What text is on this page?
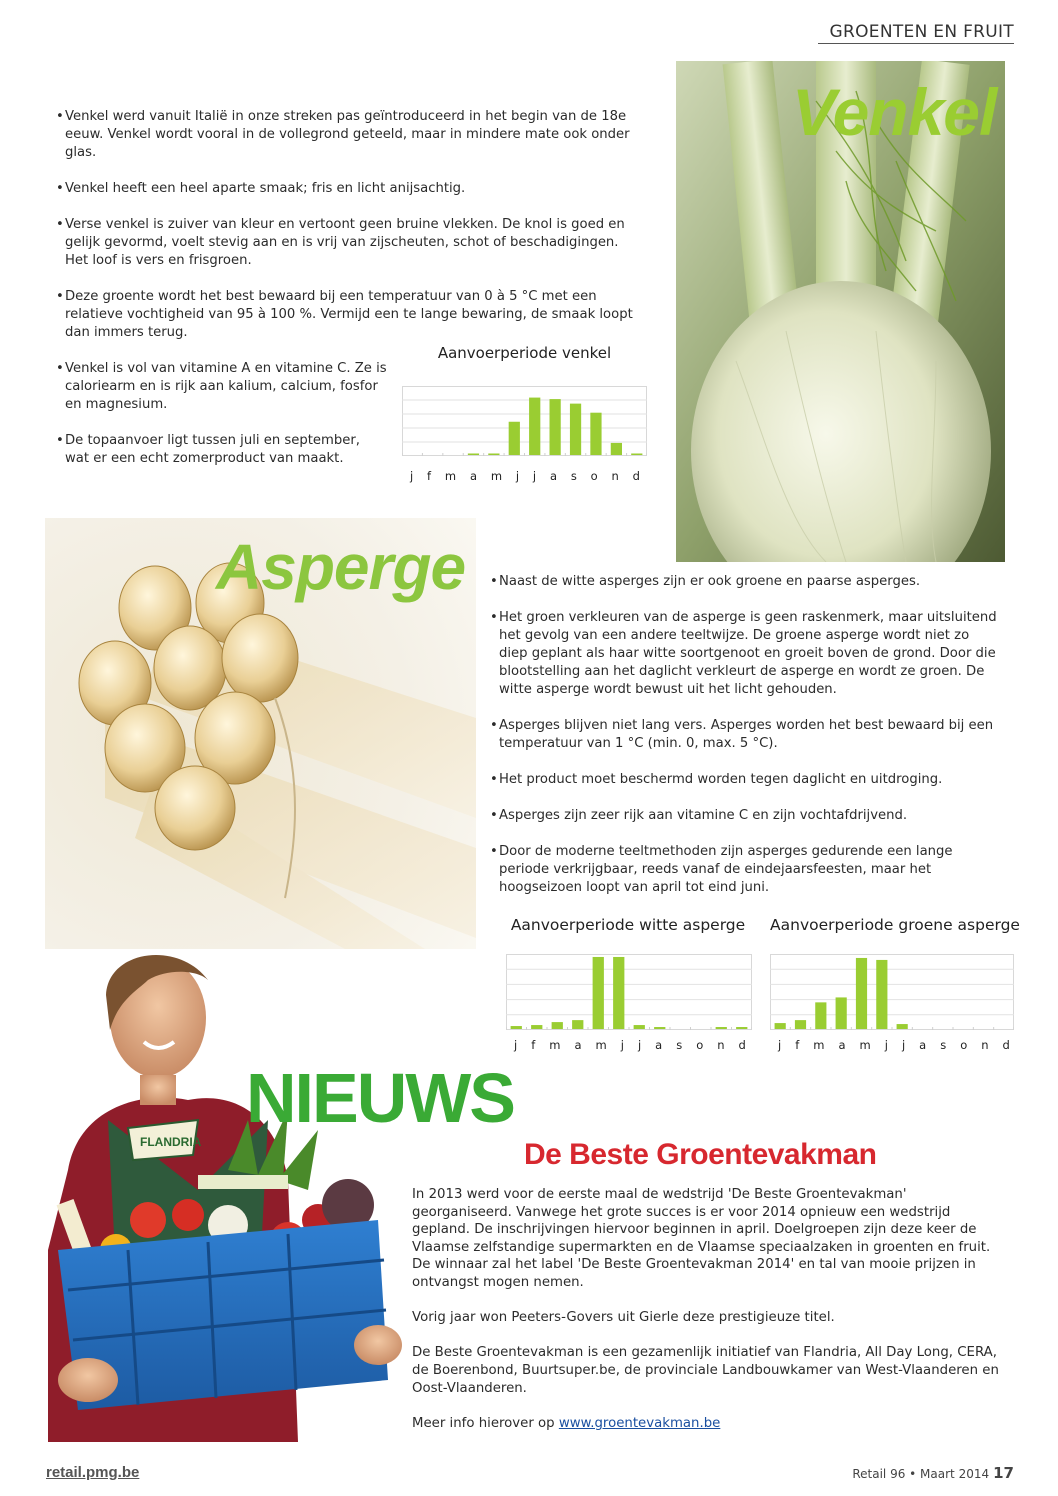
GROENTEN EN FRUIT
• Venkel werd vanuit Italië in onze streken pas geïntroduceerd in het begin van de 18e eeuw. Venkel wordt vooral in de vollegrond geteeld, maar in mindere mate ook onder glas.
• Venkel heeft een heel aparte smaak; fris en licht anijsachtig.
• Verse venkel is zuiver van kleur en vertoont geen bruine vlekken. De knol is goed en gelijk gevormd, voelt stevig aan en is vrij van zijscheuten, schot of beschadigingen. Het loof is vers en frisgroen.
• Deze groente wordt het best bewaard bij een temperatuur van 0 à 5 °C met een relatieve vochtigheid van 95 à 100 %. Vermijd een te lange bewaring, de smaak loopt dan immers terug.
• Venkel is vol van vitamine A en vitamine C. Ze is caloriearm en is rijk aan kalium, calcium, fosfor en magnesium.
• De topaanvoer ligt tussen juli en september, wat er een echt zomerproduct van maakt.
Venkel
Aanvoerperiode venkel
j f m a m j j a s o n d
Asperge
•	Naast de witte asperges zijn er ook groene en paarse asperges.
• Het groen verkleuren van de asperge is geen raskenmerk, maar uitsluitend het gevolg van een andere teeltwijze. De groene asperge wordt niet zo diep geplant als haar witte soortgenoot en groeit boven de grond. Door die blootstelling aan het daglicht verkleurt de asperge en wordt ze groen. De witte asperge wordt bewust uit het licht gehouden.
• Asperges blijven niet lang vers. Asperges worden het best bewaard bij een temperatuur van 1 °C (min. 0, max. 5 °C).
• Het product moet beschermd worden tegen daglicht en uitdroging.
• Asperges zijn zeer rijk aan vitamine C en zijn vochtafdrijvend.
• Door de moderne teeltmethoden zijn asperges gedurende een lange periode verkrijgbaar, reeds vanaf de eindejaarsfeesten, maar het hoogseizoen loopt van april tot eind juni.
Aanvoerperiode witte asperge
j f m a m j j a s o n d
Aanvoerperiode groene asperge
j f m a m j j a s o n d
FLANDRIA
NIEUWS
De Beste Groentevakman

In 2013 werd voor de eerste maal de wedstrijd 'De Beste Groentevakman' georganiseerd. Vanwege het grote succes is er voor 2014 opnieuw een wedstrijd gepland. De inschrijvingen hiervoor beginnen in april. Doelgroepen zijn deze keer de Vlaamse zelfstandige supermarkten en de Vlaamse speciaalzaken in groenten en fruit. De winnaar zal het label 'De Beste Groentevakman 2014' en tal van mooie prijzen in ontvangst mogen nemen.

Vorig jaar won Peeters-Govers uit Gierle deze prestigieuze titel.

De Beste Groentevakman is een gezamenlijk initiatief van Flandria, All Day Long, CERA, de Boerenbond, Buurtsuper.be, de provinciale Landbouwkamer van West-Vlaanderen en Oost-Vlaanderen.

Meer info hierover op www.groentevakman.be

retail.pmg.be	Retail 96 • Maart 2014 17
